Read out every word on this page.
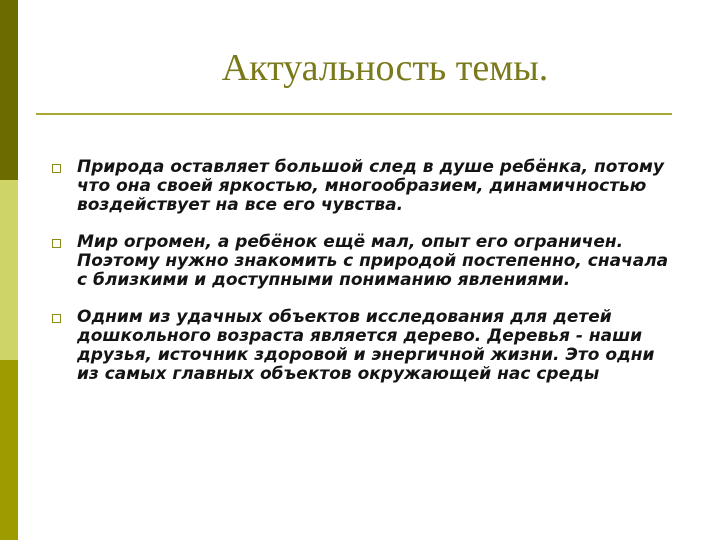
Актуальность темы.
Природа оставляет большой след в душе ребёнка, потому что она своей яркостью, многообразием, динамичностью воздействует на все его чувства.
Мир огромен, а ребёнок ещё мал, опыт его ограничен. Поэтому нужно знакомить с природой постепенно, сначала с близкими и доступными пониманию явлениями.
Одним из удачных объектов исследования для детей дошкольного возраста является дерево. Деревья - наши друзья, источник здоровой и энергичной жизни. Это одни из самых главных объектов окружающей нас среды
